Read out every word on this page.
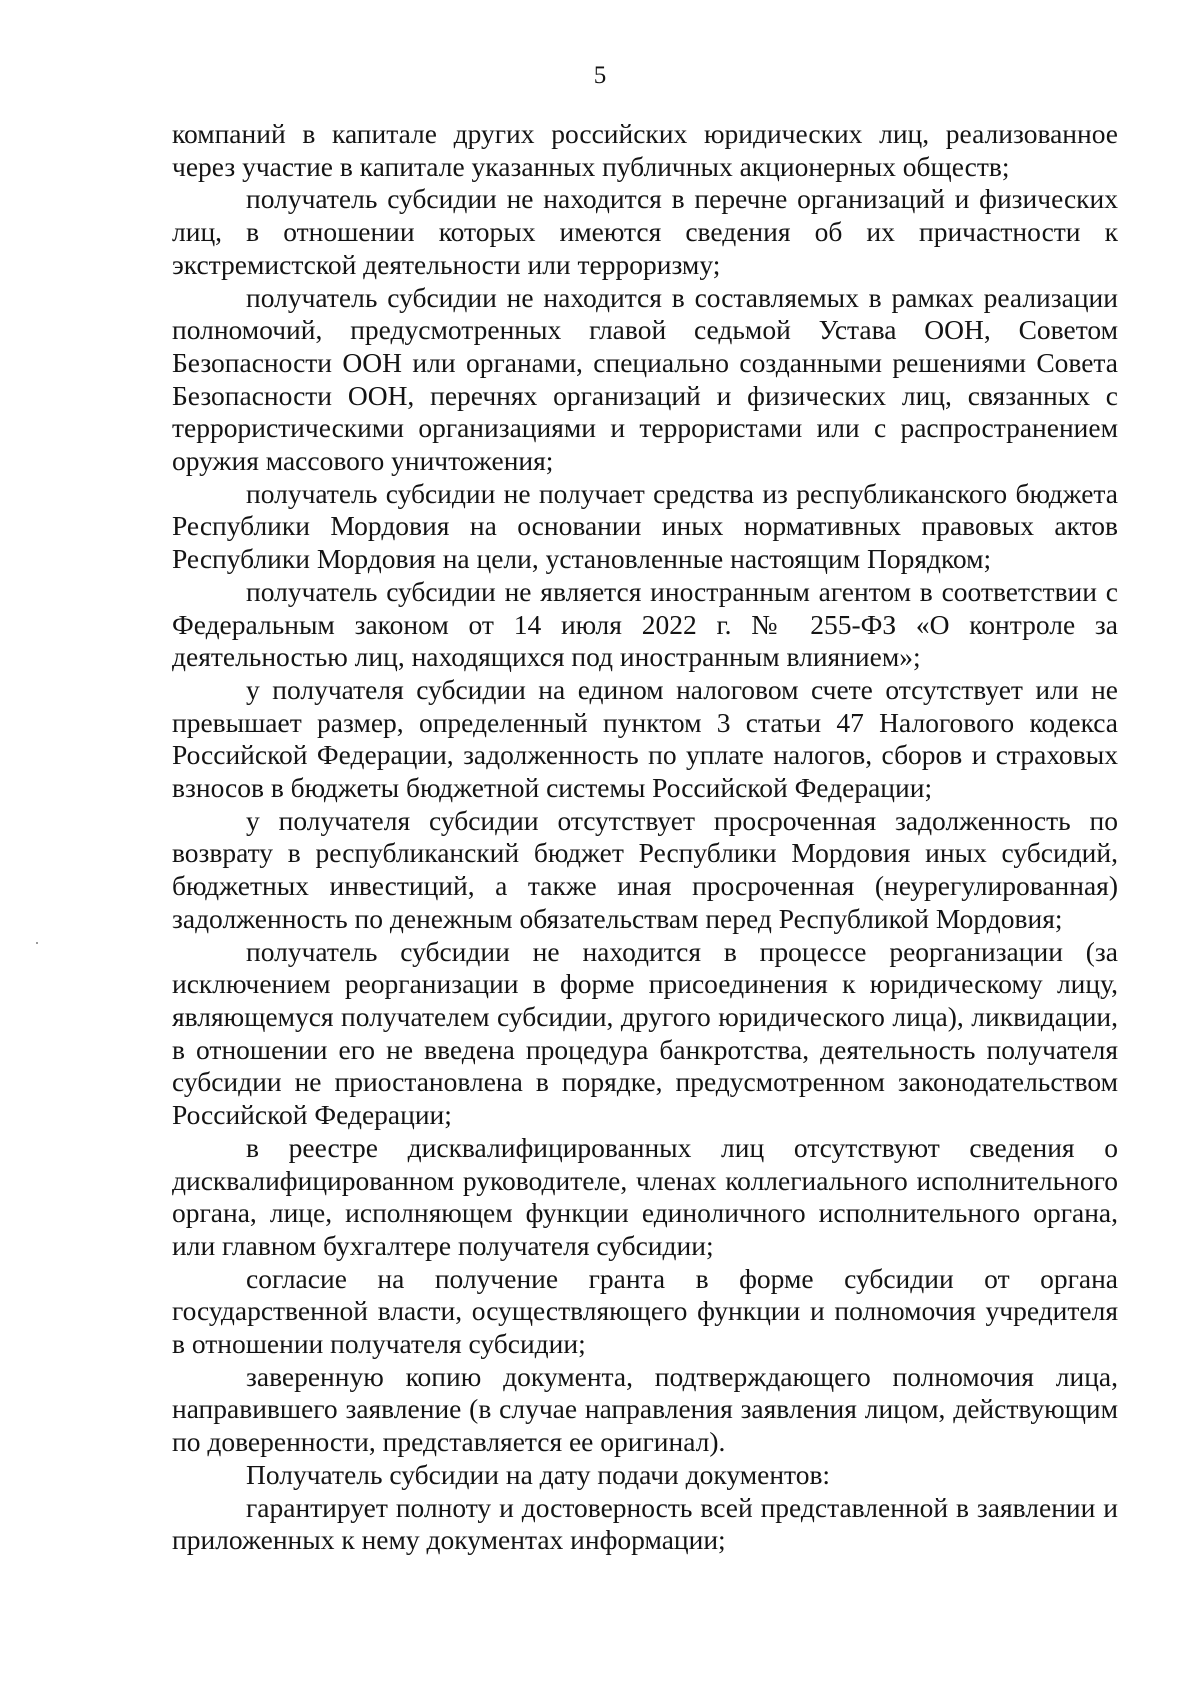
5

компаний в капитале других российских юридических лиц, реализованное через участие в капитале указанных публичных акционерных обществ;

получатель субсидии не находится в перечне организаций и физических лиц, в отношении которых имеются сведения об их причастности к экстремистской деятельности или терроризму;

получатель субсидии не находится в составляемых в рамках реализации полномочий, предусмотренных главой седьмой Устава ООН, Советом Безопасности ООН или органами, специально созданными решениями Совета Безопасности ООН, перечнях организаций и физических лиц, связанных с террористическими организациями и террористами или с распространением оружия массового уничтожения;

получатель субсидии не получает средства из республиканского бюджета Республики Мордовия на основании иных нормативных правовых актов Республики Мордовия на цели, установленные настоящим Порядком;

получатель субсидии не является иностранным агентом в соответствии с Федеральным законом от 14 июля 2022 г. № 255-ФЗ «О контроле за деятельностью лиц, находящихся под иностранным влиянием»;

у получателя субсидии на едином налоговом счете отсутствует или не превышает размер, определенный пунктом 3 статьи 47 Налогового кодекса Российской Федерации, задолженность по уплате налогов, сборов и страховых взносов в бюджеты бюджетной системы Российской Федерации;

у получателя субсидии отсутствует просроченная задолженность по возврату в республиканский бюджет Республики Мордовия иных субсидий, бюджетных инвестиций, а также иная просроченная (неурегулированная) задолженность по денежным обязательствам перед Республикой Мордовия;

получатель субсидии не находится в процессе реорганизации (за исключением реорганизации в форме присоединения к юридическому лицу, являющемуся получателем субсидии, другого юридического лица), ликвидации, в отношении его не введена процедура банкротства, деятельность получателя субсидии не приостановлена в порядке, предусмотренном законодательством Российской Федерации;

в реестре дисквалифицированных лиц отсутствуют сведения о дисквалифицированном руководителе, членах коллегиального исполнительного органа, лице, исполняющем функции единоличного исполнительного органа, или главном бухгалтере получателя субсидии;

согласие на получение гранта в форме субсидии от органа государственной власти, осуществляющего функции и полномочия учредителя в отношении получателя субсидии;

заверенную копию документа, подтверждающего полномочия лица, направившего заявление (в случае направления заявления лицом, действующим по доверенности, представляется ее оригинал).

Получатель субсидии на дату подачи документов:

гарантирует полноту и достоверность всей представленной в заявлении и приложенных к нему документах информации;
